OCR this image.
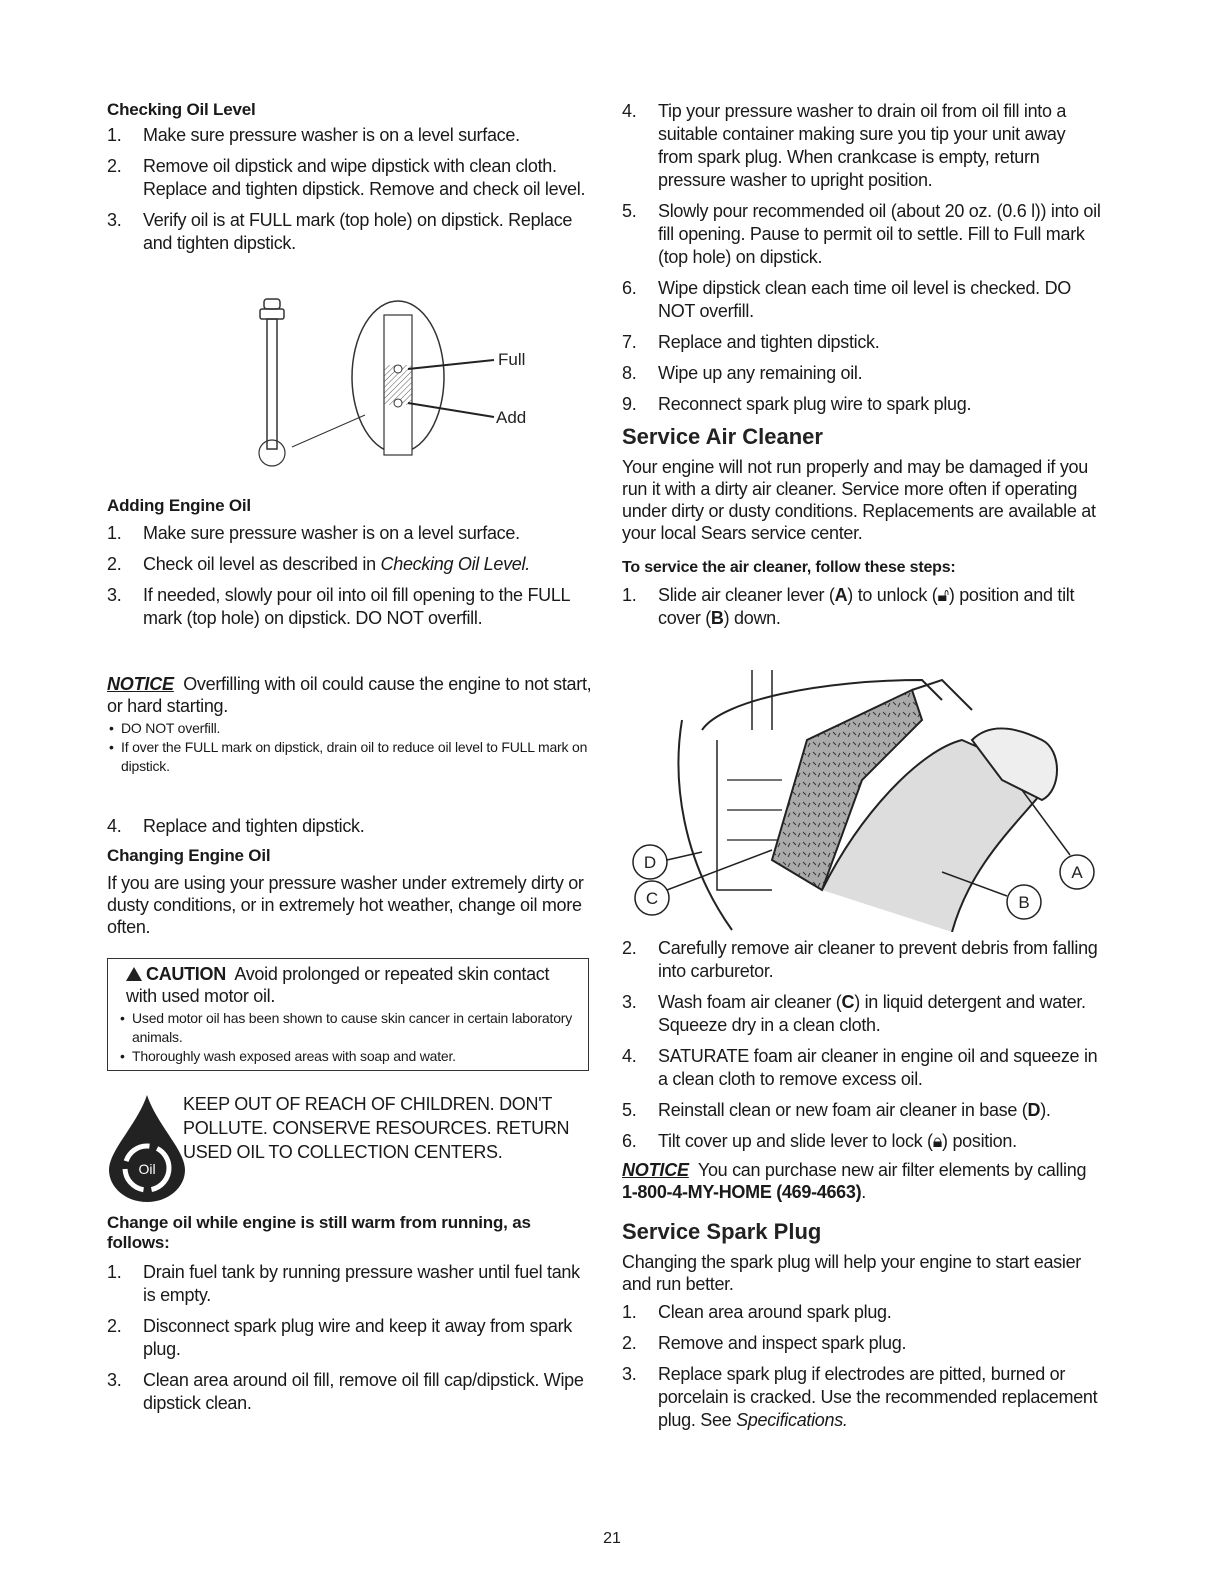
Checking Oil Level
1. Make sure pressure washer is on a level surface.
2. Remove oil dipstick and wipe dipstick with clean cloth. Replace and tighten dipstick. Remove and check oil level.
3. Verify oil is at FULL mark (top hole) on dipstick. Replace and tighten dipstick.
Full
Add
Adding Engine Oil
1. Make sure pressure washer is on a level surface.
2. Check oil level as described in Checking Oil Level.
3. If needed, slowly pour oil into oil fill opening to the FULL mark (top hole) on dipstick. DO NOT overfill.

NOTICE Overfilling with oil could cause the engine to not start, or hard starting.

• DO NOT overfill.
• If over the FULL mark on dipstick, drain oil to reduce oil level to FULL mark on dipstick.
4. Replace and tighten dipstick.
Changing Engine Oil

If you are using your pressure washer under extremely dirty or dusty conditions, or in extremely hot weather, change oil more often.

CAUTION Avoid prolonged or repeated skin contact with used motor oil.

• Used motor oil has been shown to cause skin cancer in certain laboratory animals.
• Thoroughly wash exposed areas with soap and water.
Oil

KEEP OUT OF REACH OF CHILDREN. DON'T POLLUTE. CONSERVE RESOURCES. RETURN USED OIL TO COLLECTION CENTERS.

Change oil while engine is still warm from running, as follows:
1. Drain fuel tank by running pressure washer until fuel tank is empty.
2. Disconnect spark plug wire and keep it away from spark plug.
3. Clean area around oil fill, remove oil fill cap/dipstick. Wipe dipstick clean.
4. Tip your pressure washer to drain oil from oil fill into a suitable container making sure you tip your unit away from spark plug. When crankcase is empty, return pressure washer to upright position.
5. Slowly pour recommended oil (about 20 oz. (0.6 l)) into oil fill opening. Pause to permit oil to settle. Fill to Full mark (top hole) on dipstick.
6. Wipe dipstick clean each time oil level is checked. DO NOT overfill.
7. Replace and tighten dipstick.
8. Wipe up any remaining oil.
9. Reconnect spark plug wire to spark plug.
Service Air Cleaner

Your engine will not run properly and may be damaged if you run it with a dirty air cleaner. Service more often if operating under dirty or dusty conditions. Replacements are available at your local Sears service center.

To service the air cleaner, follow these steps:
1. Slide air cleaner lever (A) to unlock (🔓︎) position and tilt cover (B) down.
A
B
C
D
2. Carefully remove air cleaner to prevent debris from falling into carburetor.
3. Wash foam air cleaner (C) in liquid detergent and water. Squeeze dry in a clean cloth.
4. SATURATE foam air cleaner in engine oil and squeeze in a clean cloth to remove excess oil.
5. Reinstall clean or new foam air cleaner in base (D).
6. Tilt cover up and slide lever to lock (🔒︎) position.

NOTICE You can purchase new air filter elements by calling 1-800-4-MY-HOME (469-4663).

Service Spark Plug

Changing the spark plug will help your engine to start easier and run better.

1. Clean area around spark plug.
2. Remove and inspect spark plug.
3. Replace spark plug if electrodes are pitted, burned or porcelain is cracked. Use the recommended replacement plug. See Specifications.
21
